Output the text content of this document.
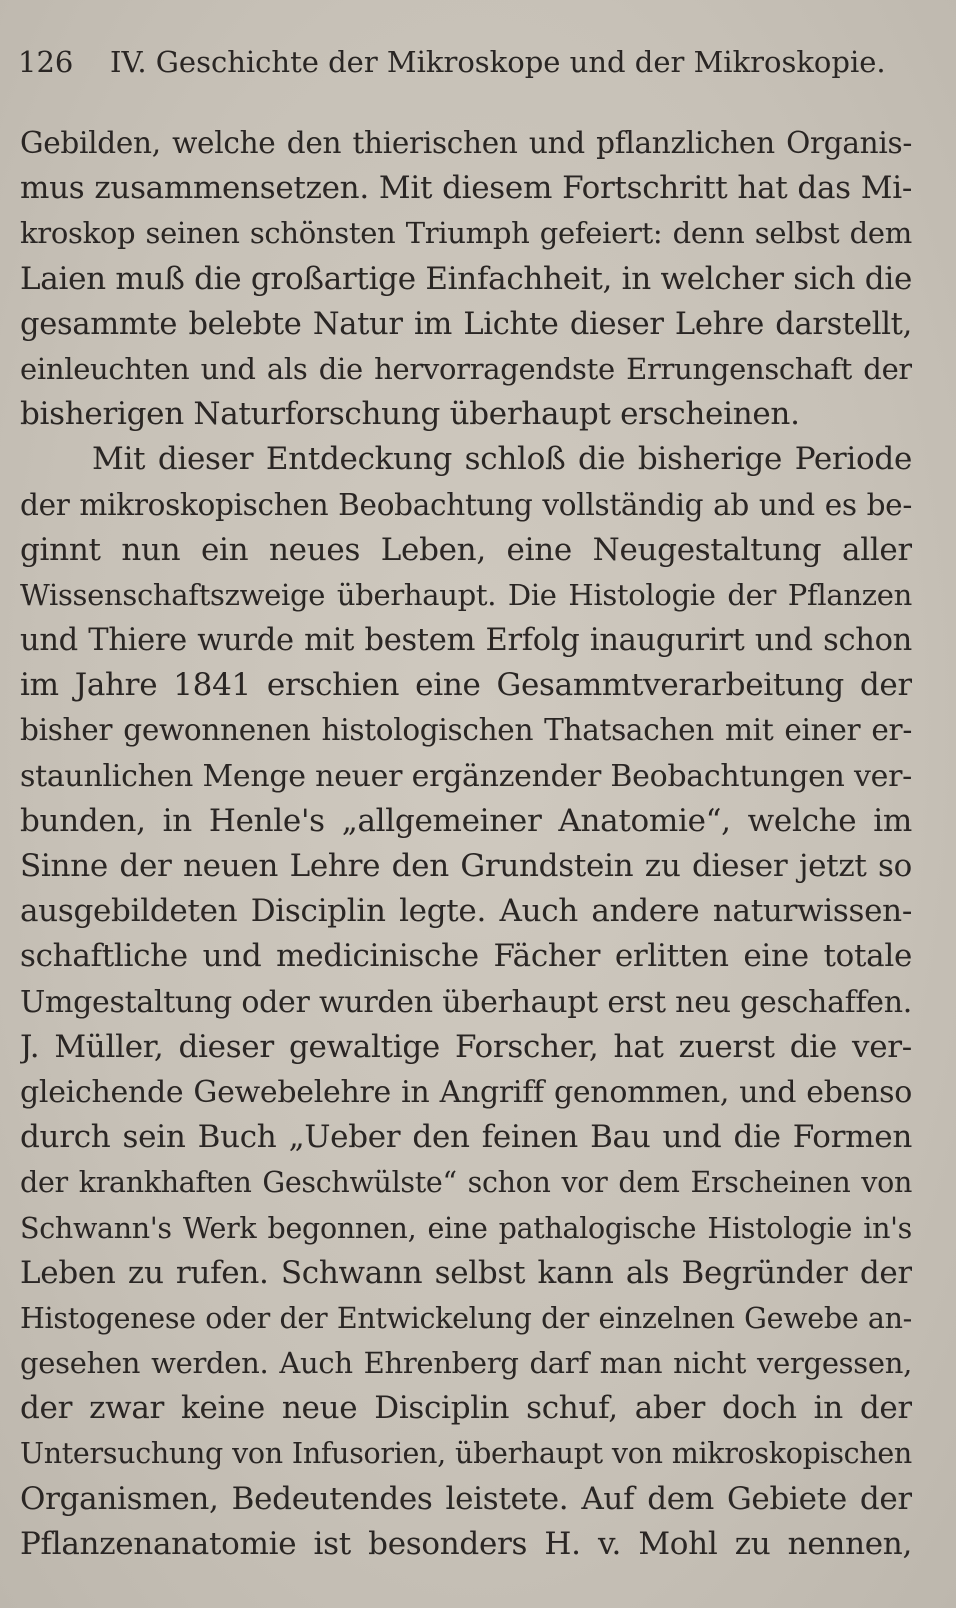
126 IV. Geschichte der Mikroskope und der Mikroskopie.
Gebilden, welche den thierischen und pflanzlichen Organis-
mus zusammensetzen. Mit diesem Fortschritt hat das Mi-
kroskop seinen schönsten Triumph gefeiert: denn selbst dem
Laien muß die großartige Einfachheit, in welcher sich die
gesammte belebte Natur im Lichte dieser Lehre darstellt,
einleuchten und als die hervorragendste Errungenschaft der
bisherigen Naturforschung überhaupt erscheinen.
Mit dieser Entdeckung schloß die bisherige Periode
der mikroskopischen Beobachtung vollständig ab und es be-
ginnt nun ein neues Leben, eine Neugestaltung aller
Wissenschaftszweige überhaupt. Die Histologie der Pflanzen
und Thiere wurde mit bestem Erfolg inaugurirt und schon
im Jahre 1841 erschien eine Gesammtverarbeitung der
bisher gewonnenen histologischen Thatsachen mit einer er-
staunlichen Menge neuer ergänzender Beobachtungen ver-
bunden, in Henle's „allgemeiner Anatomie“, welche im
Sinne der neuen Lehre den Grundstein zu dieser jetzt so
ausgebildeten Disciplin legte. Auch andere naturwissen-
schaftliche und medicinische Fächer erlitten eine totale
Umgestaltung oder wurden überhaupt erst neu geschaffen.
J. Müller, dieser gewaltige Forscher, hat zuerst die ver-
gleichende Gewebelehre in Angriff genommen, und ebenso
durch sein Buch „Ueber den feinen Bau und die Formen
der krankhaften Geschwülste“ schon vor dem Erscheinen von
Schwann's Werk begonnen, eine pathalogische Histologie in's
Leben zu rufen. Schwann selbst kann als Begründer der
Histogenese oder der Entwickelung der einzelnen Gewebe an-
gesehen werden. Auch Ehrenberg darf man nicht vergessen,
der zwar keine neue Disciplin schuf, aber doch in der
Untersuchung von Infusorien, überhaupt von mikroskopischen
Organismen, Bedeutendes leistete. Auf dem Gebiete der
Pflanzenanatomie ist besonders H. v. Mohl zu nennen,
